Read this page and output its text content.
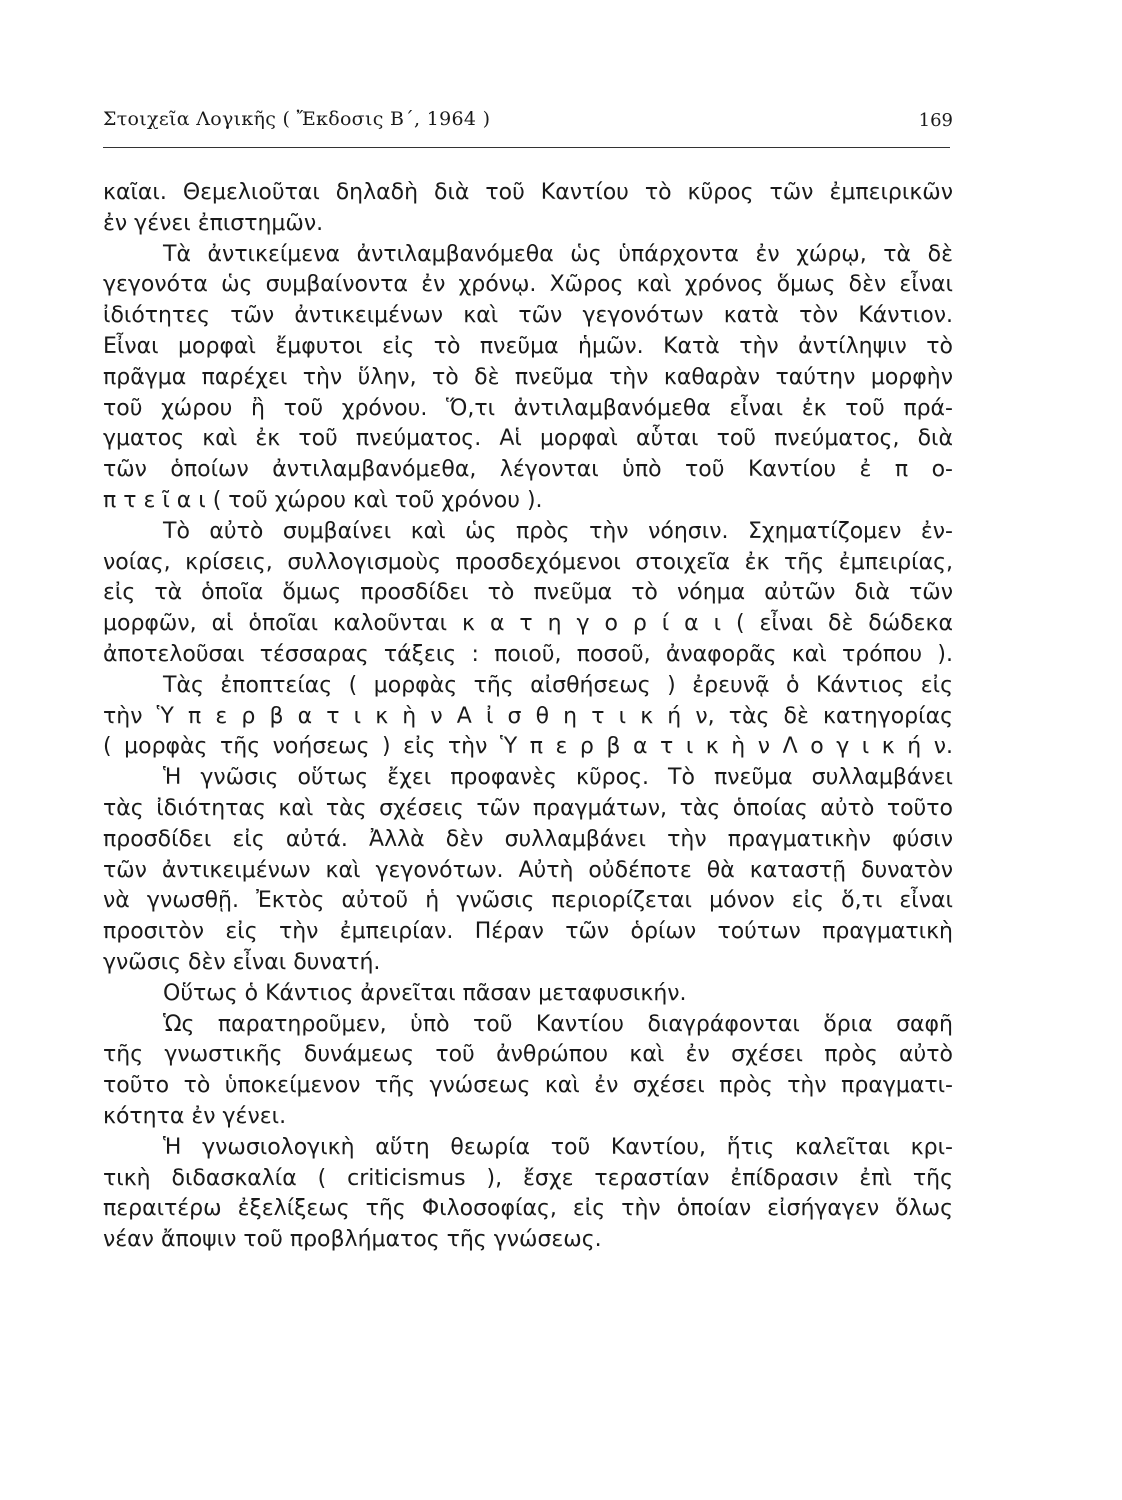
Στοιχεῖα Λογικῆς ( Ἔκδοσις Β΄, 1964 )	169
καῖαι. Θεμελιοῦται δηλαδὴ διὰ τοῦ Καντίου τὸ κῦρος τῶν ἐμπειρικῶν
ἐν γένει ἐπιστημῶν.
Τὰ ἀντικείμενα ἀντιλαμβανόμεθα ὡς ὑπάρχοντα ἐν χώρῳ, τὰ δὲ
γεγονότα ὡς συμβαίνοντα ἐν χρόνῳ. Χῶρος καὶ χρόνος ὅμως δὲν εἶναι
ἰδιότητες τῶν ἀντικειμένων καὶ τῶν γεγονότων κατὰ τὸν Κάντιον.
Εἶναι μορφαὶ ἔμφυτοι εἰς τὸ πνεῦμα ἡμῶν. Κατὰ τὴν ἀντίληψιν τὸ
πρᾶγμα παρέχει τὴν ὕλην, τὸ δὲ πνεῦμα τὴν καθαρὰν ταύτην μορφὴν
τοῦ χώρου ἢ τοῦ χρόνου. Ὅ,τι ἀντιλαμβανόμεθα εἶναι ἐκ τοῦ πρά-
γματος καὶ ἐκ τοῦ πνεύματος. Αἱ μορφαὶ αὗται τοῦ πνεύματος, διὰ
τῶν ὁποίων ἀντιλαμβανόμεθα, λέγονται ὑπὸ τοῦ Καντίου ἐ π ο-
π τ ε ῖ α ι ( τοῦ χώρου καὶ τοῦ χρόνου ).
Τὸ αὐτὸ συμβαίνει καὶ ὡς πρὸς τὴν νόησιν. Σχηματίζομεν ἐν-
νοίας, κρίσεις, συλλογισμοὺς προσδεχόμενοι στοιχεῖα ἐκ τῆς ἐμπειρίας,
εἰς τὰ ὁποῖα ὅμως προσδίδει τὸ πνεῦμα τὸ νόημα αὐτῶν διὰ τῶν
μορφῶν, αἱ ὁποῖαι καλοῦνται κ α τ η γ ο ρ ί α ι ( εἶναι δὲ δώδεκα
ἀποτελοῦσαι τέσσαρας τάξεις : ποιοῦ, ποσοῦ, ἀναφορᾶς καὶ τρόπου ).
Τὰς ἐποπτείας ( μορφὰς τῆς αἰσθήσεως ) ἐρευνᾷ ὁ Κάντιος εἰς
τὴν Ὑ π ε ρ β α τ ι κ ὴ ν Α ἰ σ θ η τ ι κ ή ν, τὰς δὲ κατηγορίας
( μορφὰς τῆς νοήσεως ) εἰς τὴν Ὑ π ε ρ β α τ ι κ ὴ ν Λ ο γ ι κ ή ν.
Ἡ γνῶσις οὕτως ἔχει προφανὲς κῦρος. Τὸ πνεῦμα συλλαμβάνει
τὰς ἰδιότητας καὶ τὰς σχέσεις τῶν πραγμάτων, τὰς ὁποίας αὐτὸ τοῦτο
προσδίδει εἰς αὐτά. Ἀλλὰ δὲν συλλαμβάνει τὴν πραγματικὴν φύσιν
τῶν ἀντικειμένων καὶ γεγονότων. Αὐτὴ οὐδέποτε θὰ καταστῇ δυνατὸν
νὰ γνωσθῇ. Ἐκτὸς αὐτοῦ ἡ γνῶσις περιορίζεται μόνον εἰς ὅ,τι εἶναι
προσιτὸν εἰς τὴν ἐμπειρίαν. Πέραν τῶν ὁρίων τούτων πραγματικὴ
γνῶσις δὲν εἶναι δυνατή.
Οὕτως ὁ Κάντιος ἀρνεῖται πᾶσαν μεταφυσικήν.
Ὡς παρατηροῦμεν, ὑπὸ τοῦ Καντίου διαγράφονται ὅρια σαφῆ
τῆς γνωστικῆς δυνάμεως τοῦ ἀνθρώπου καὶ ἐν σχέσει πρὸς αὐτὸ
τοῦτο τὸ ὑποκείμενον τῆς γνώσεως καὶ ἐν σχέσει πρὸς τὴν πραγματι-
κότητα ἐν γένει.
Ἡ γνωσιολογικὴ αὕτη θεωρία τοῦ Καντίου, ἥτις καλεῖται κρι-
τικὴ διδασκαλία ( criticismus ), ἔσχε τεραστίαν ἐπίδρασιν ἐπὶ τῆς
περαιτέρω ἐξελίξεως τῆς Φιλοσοφίας, εἰς τὴν ὁποίαν εἰσήγαγεν ὅλως
νέαν ἄποψιν τοῦ προβλήματος τῆς γνώσεως.
